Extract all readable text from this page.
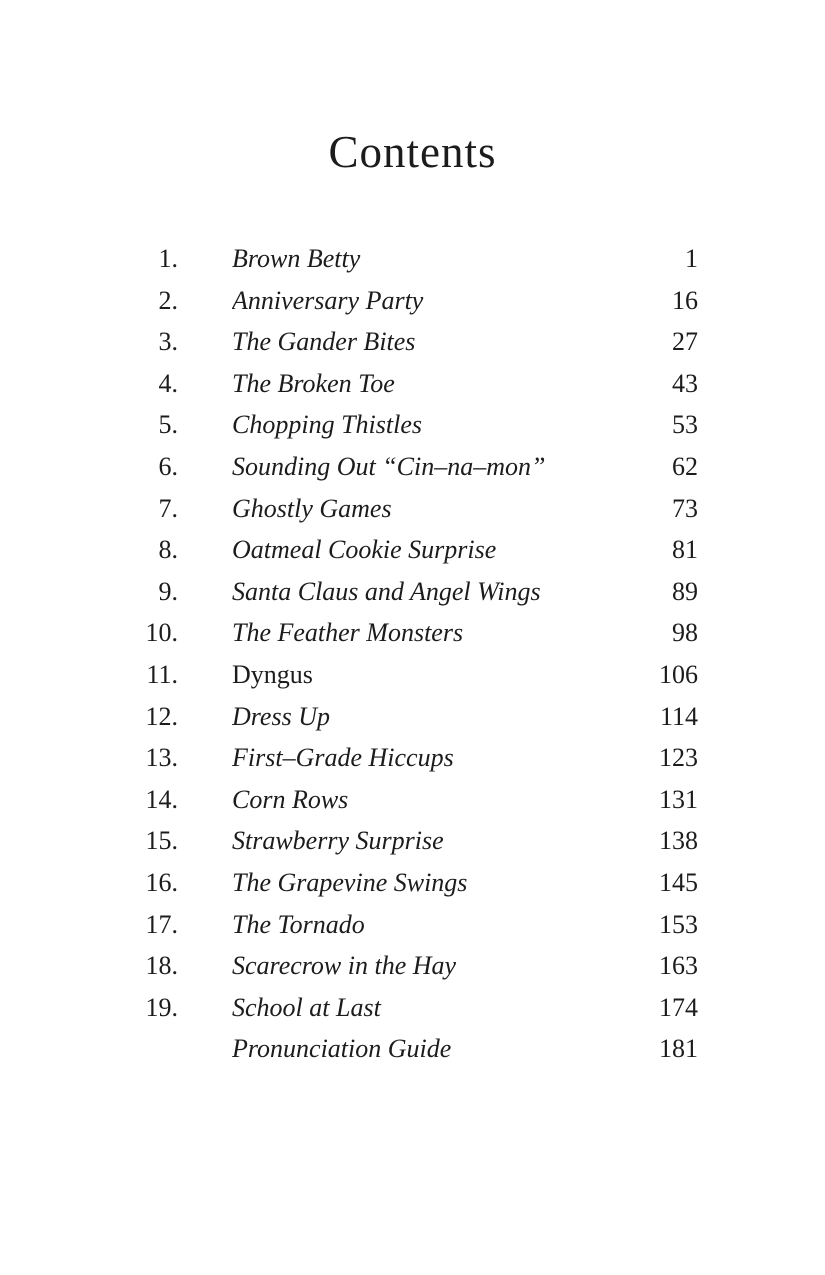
Contents
1. Brown Betty	1
2. Anniversary Party	16
3. The Gander Bites	27
4. The Broken Toe	43
5. Chopping Thistles	53
6. Sounding Out “Cin–na–mon”	62
7. Ghostly Games	73
8. Oatmeal Cookie Surprise	81
9. Santa Claus and Angel Wings	89
10. The Feather Monsters	98
11. Dyngus	106
12. Dress Up	114
13. First–Grade Hiccups	123
14. Corn Rows	131
15. Strawberry Surprise	138
16. The Grapevine Swings	145
17. The Tornado	153
18. Scarecrow in the Hay	163
19. School at Last	174
Pronunciation Guide	181
